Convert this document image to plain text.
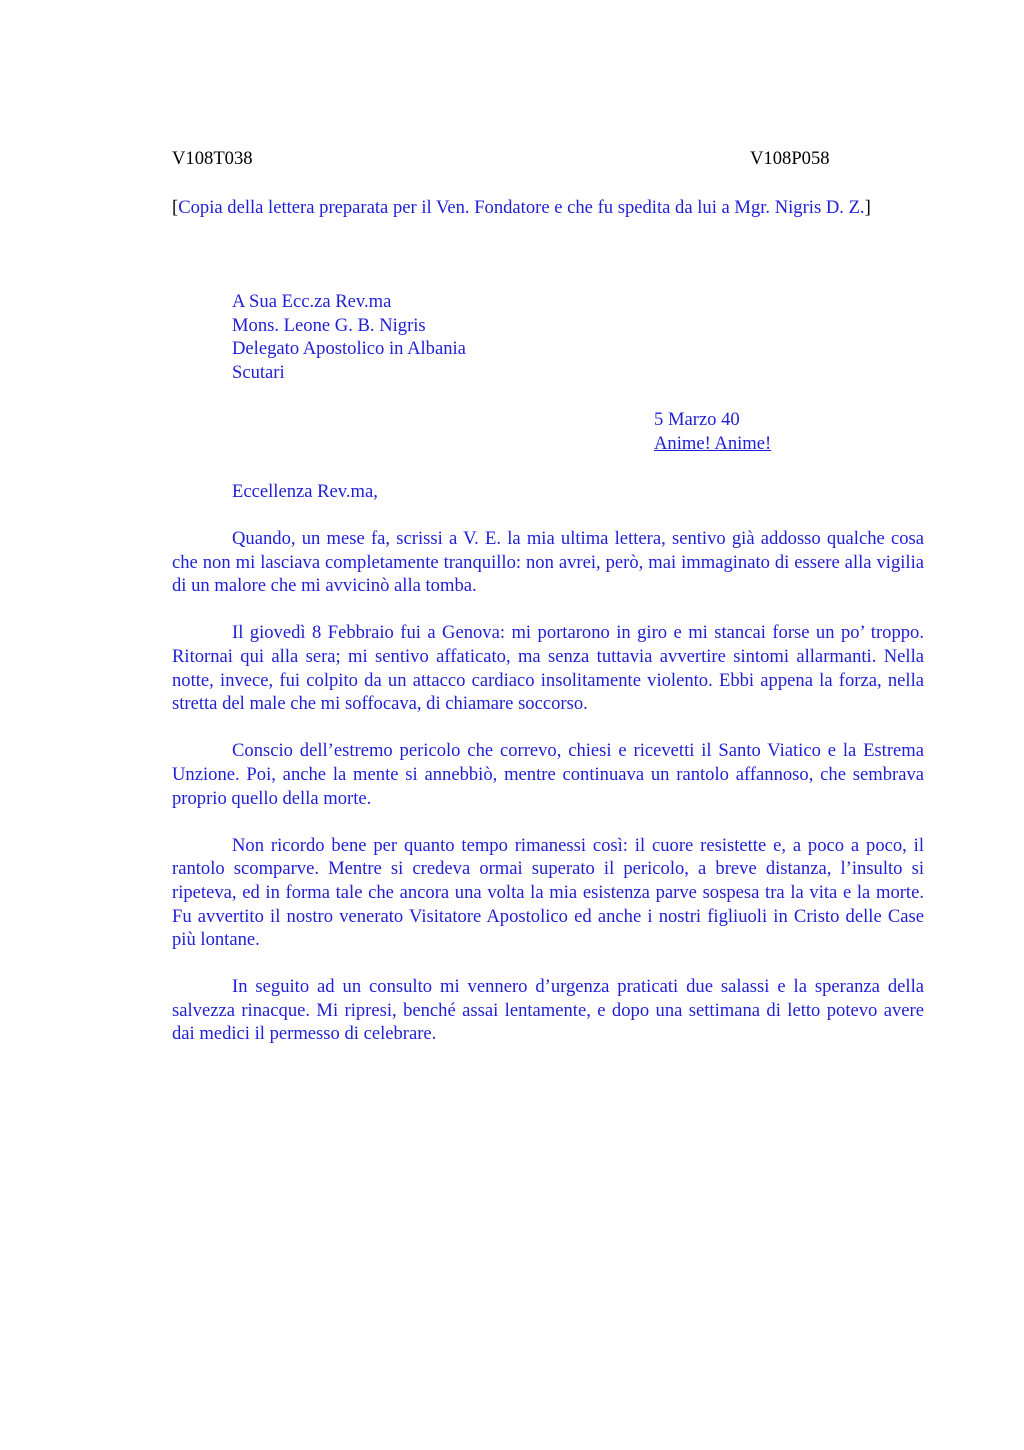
V108T038	V108P058
[Copia della lettera preparata per il Ven. Fondatore e che fu spedita da lui a Mgr. Nigris D. Z.]
A Sua Ecc.za Rev.ma
Mons. Leone G. B. Nigris
Delegato Apostolico in Albania
Scutari
5 Marzo 40
Anime! Anime!
Eccellenza Rev.ma,

Quando, un mese fa, scrissi a V. E. la mia ultima lettera, sentivo già addosso qualche cosa che non mi lasciava completamente tranquillo: non avrei, però, mai immaginato di essere alla vigilia di un malore che mi avvicinò alla tomba.

Il giovedì 8 Febbraio fui a Genova: mi portarono in giro e mi stancai forse un po’ troppo. Ritornai qui alla sera; mi sentivo affaticato, ma senza tuttavia avvertire sintomi allarmanti. Nella notte, invece, fui colpito da un attacco cardiaco insolitamente violento. Ebbi appena la forza, nella stretta del male che mi soffocava, di chiamare soccorso.

Conscio dell’estremo pericolo che correvo, chiesi e ricevetti il Santo Viatico e la Estrema Unzione. Poi, anche la mente si annebbiò, mentre continuava un rantolo affannoso, che sembrava proprio quello della morte.

Non ricordo bene per quanto tempo rimanessi così: il cuore resistette e, a poco a poco, il rantolo scomparve. Mentre si credeva ormai superato il pericolo, a breve distanza, l’insulto si ripeteva, ed in forma tale che ancora una volta la mia esistenza parve sospesa tra la vita e la morte. Fu avvertito il nostro venerato Visitatore Apostolico ed anche i nostri figliuoli in Cristo delle Case più lontane.

In seguito ad un consulto mi vennero d’urgenza praticati due salassi e la speranza della salvezza rinacque. Mi ripresi, benché assai lentamente, e dopo una settimana di letto potevo avere dai medici il permesso di celebrare.
